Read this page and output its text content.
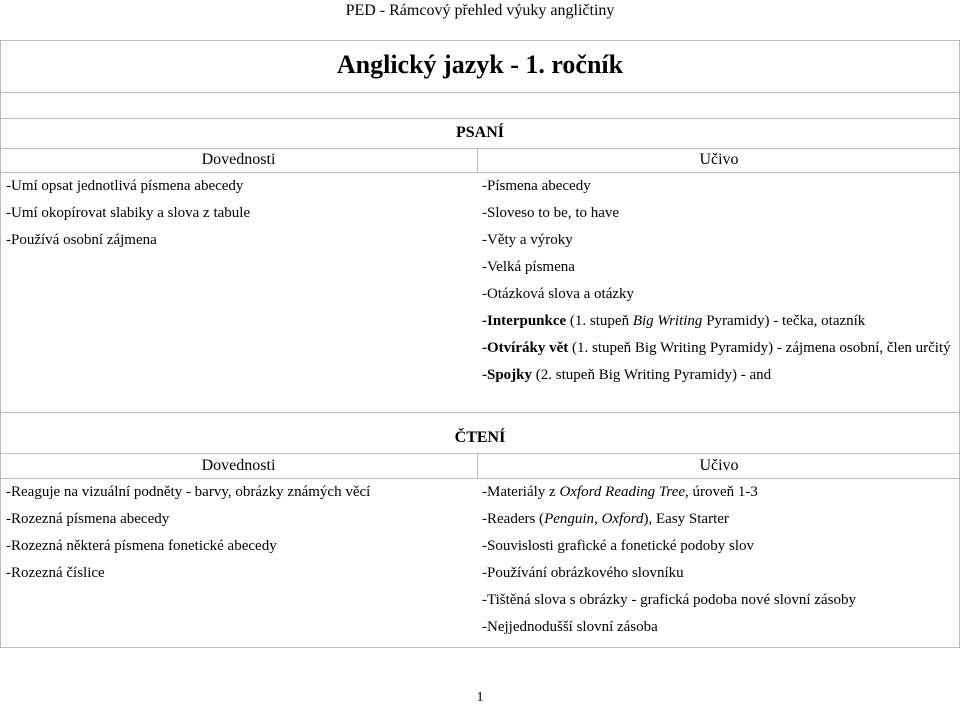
PED - Rámcový přehled výuky angličtiny
Anglický jazyk - 1. ročník
PSANÍ
Dovednosti	Učivo
-Umí opsat jednotlivá písmena abecedy
-Umí okopírovat slabiky a slova z tabule
-Používá osobní zájmena
-Písmena abecedy
-Sloveso to be, to have
-Věty a výroky
-Velká písmena
-Otázková slova a otázky
-Interpunkce (1. stupeň Big Writing Pyramidy) - tečka, otazník
-Otvíráky vět (1. stupeň Big Writing Pyramidy) - zájmena osobní, člen určitý
-Spojky (2. stupeň Big Writing Pyramidy) - and
ČTENÍ
Dovednosti	Učivo
-Reaguje na vizuální podněty - barvy, obrázky známých věcí
-Rozezná písmena abecedy
-Rozezná některá písmena fonetické abecedy
-Rozezná číslice
-Materiály z Oxford Reading Tree, úroveň 1-3
-Readers (Penguin, Oxford), Easy Starter
-Souvislosti grafické a fonetické podoby slov
-Používání obrázkového slovníku
-Tištěná slova s obrázky - grafická podoba nové slovní zásoby
-Nejjednodušší slovní zásoba
1
